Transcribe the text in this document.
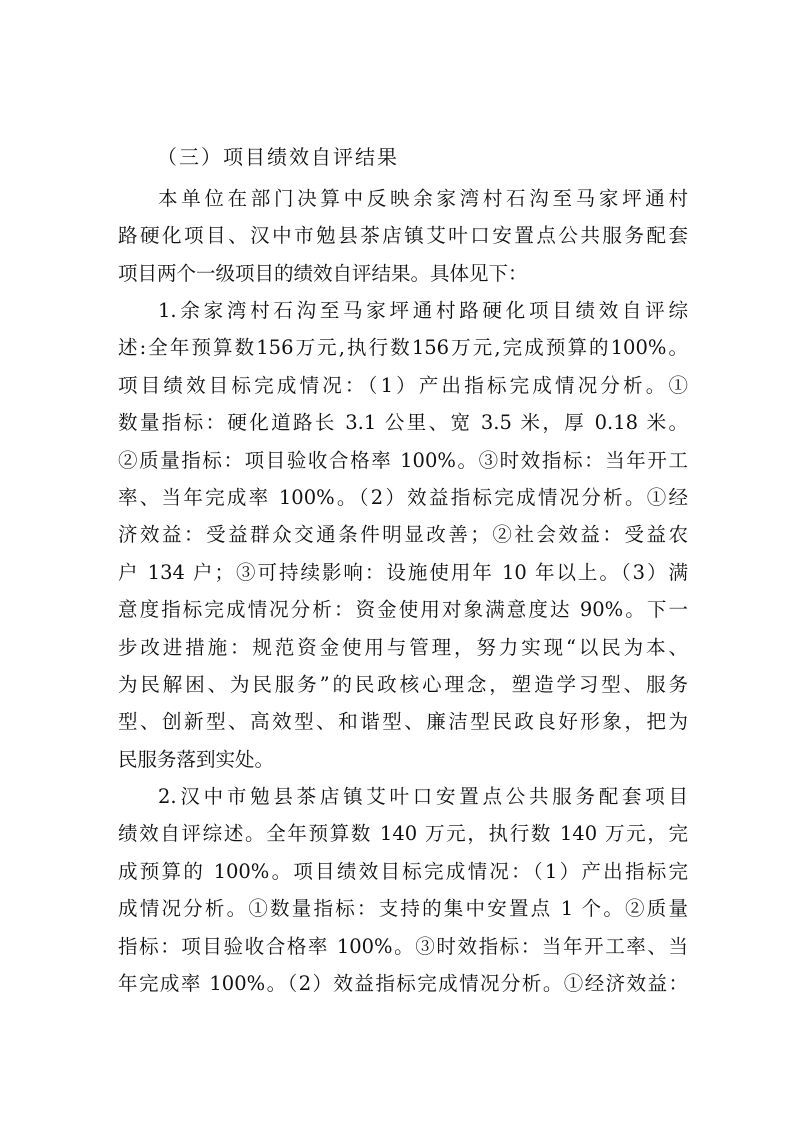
（三）项目绩效自评结果
本单位在部门决算中反映余家湾村石沟至马家坪通村
路硬化项目、汉中市勉县茶店镇艾叶口安置点公共服务配套
项目两个一级项目的绩效自评结果。具体见下：
1.余家湾村石沟至马家坪通村路硬化项目绩效自评综
述:全年预算数156万元,执行数156万元,完成预算的100%。
项目绩效目标完成情况：（1）产出指标完成情况分析。①
数量指标：硬化道路长 3.1 公里、宽 3.5 米，厚 0.18 米。
②质量指标：项目验收合格率 100%。③时效指标：当年开工
率、当年完成率 100%。（2）效益指标完成情况分析。①经
济效益：受益群众交通条件明显改善；②社会效益：受益农
户 134 户；③可持续影响：设施使用年 10 年以上。（3）满
意度指标完成情况分析：资金使用对象满意度达 90%。下一
步改进措施：规范资金使用与管理，努力实现“以民为本、
为民解困、为民服务”的民政核心理念，塑造学习型、服务
型、创新型、高效型、和谐型、廉洁型民政良好形象，把为
民服务落到实处。
2.汉中市勉县茶店镇艾叶口安置点公共服务配套项目
绩效自评综述。全年预算数 140 万元，执行数 140 万元，完
成预算的 100%。项目绩效目标完成情况：（1）产出指标完
成情况分析。①数量指标：支持的集中安置点 1 个。②质量
指标：项目验收合格率 100%。③时效指标：当年开工率、当
年完成率 100%。（2）效益指标完成情况分析。①经济效益：
